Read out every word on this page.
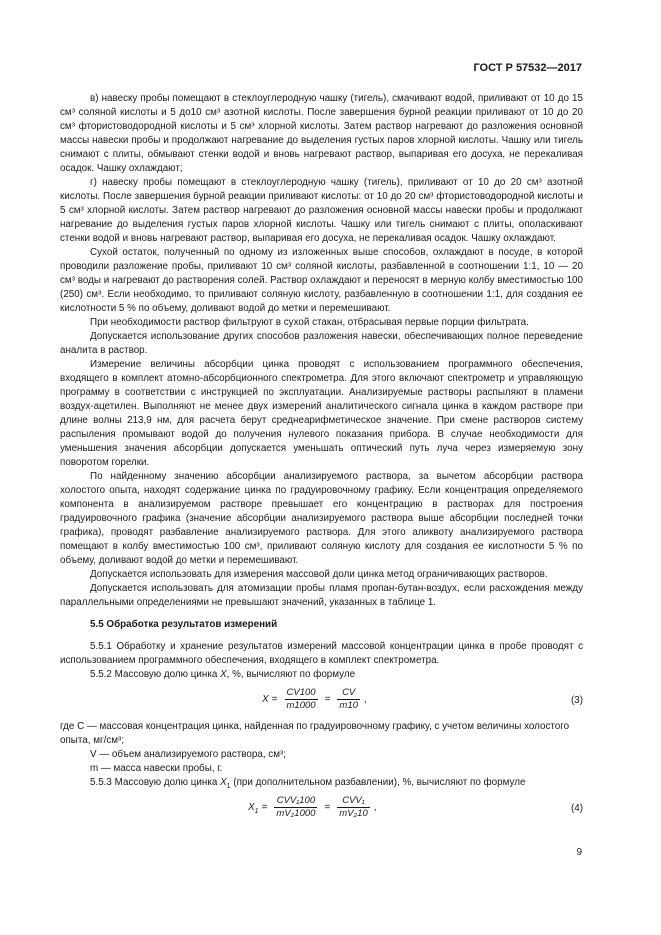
ГОСТ Р 57532—2017

в) навеску пробы помещают в стеклоуглеродную чашку (тигель), смачивают водой, приливают от 10 до 15 см³ соляной кислоты и 5 до10 см³ азотной кислоты. После завершения бурной реакции приливают от 10 до 20 см³ фтористоводородной кислоты и 5 см³ хлорной кислоты. Затем раствор нагревают до разложения основной массы навески пробы и продолжают нагревание до выделения густых паров хлорной кислоты. Чашку или тигель снимают с плиты, обмывают стенки водой и вновь нагревают раствор, выпаривая его досуха, не перекаливая осадок. Чашку охлаждают;

г) навеску пробы помещают в стеклоуглеродную чашку (тигель), приливают от 10 до 20 см³ азотной кислоты. После завершения бурной реакции приливают кислоты: от 10 до 20 см³ фтористоводородной кислоты и 5 см³ хлорной кислоты. Затем раствор нагревают до разложения основной массы навески пробы и продолжают нагревание до выделения густых паров хлорной кислоты. Чашку или тигель снимают с плиты, ополаскивают стенки водой и вновь нагревают раствор, выпаривая его досуха, не перекаливая осадок. Чашку охлаждают.

Сухой остаток, полученный по одному из изложенных выше способов, охлаждают в посуде, в которой проводили разложение пробы, приливают 10 см³ соляной кислоты, разбавленной в соотношении 1:1, 10 — 20 см³ воды и нагревают до растворения солей. Раствор охлаждают и переносят в мерную колбу вместимостью 100 (250) см³. Если необходимо, то приливают соляную кислоту, разбавленную в соотношении 1:1, для создания ее кислотности 5 % по объему, доливают водой до метки и перемешивают.

При необходимости раствор фильтруют в сухой стакан, отбрасывая первые порции фильтрата.

Допускается использование других способов разложения навески, обеспечивающих полное переведение аналита в раствор.

Измерение величины абсорбции цинка проводят с использованием программного обеспечения, входящего в комплект атомно-абсорбционного спектрометра. Для этого включают спектрометр и управляющую программу в соответствии с инструкцией по эксплуатации. Анализируемые растворы распыляют в пламени воздух-ацетилен. Выполняют не менее двух измерений аналитического сигнала цинка в каждом растворе при длине волны 213,9 нм, для расчета берут среднеарифметическое значение. При смене растворов систему распыления промывают водой до получения нулевого показания прибора. В случае необходимости для уменьшения значения абсорбции допускается уменьшать оптический путь луча через измеряемую зону поворотом горелки.

По найденному значению абсорбции анализируемого раствора, за вычетом абсорбции раствора холостого опыта, находят содержание цинка по градуировочному графику. Если концентрация определяемого компонента в анализируемом растворе превышает его концентрацию в растворах для построения градуировочного графика (значение абсорбции анализируемого раствора выше абсорбции последней точки графика), проводят разбавление анализируемого раствора. Для этого аликвоту анализируемого раствора помещают в колбу вместимостью 100 см³, приливают соляную кислоту для создания ее кислотности 5 % по объему, доливают водой до метки и перемешивают.

Допускается использовать для измерения массовой доли цинка метод ограничивающих растворов.

Допускается использовать для атомизации пробы пламя пропан-бутан-воздух, если расхождения между параллельными определениями не превышают значений, указанных в таблице 1.

5.5 Обработка результатов измерений

5.5.1 Обработку и хранение результатов измерений массовой концентрации цинка в пробе проводят с использованием программного обеспечения, входящего в комплект спектрометра.

5.5.2 Массовую долю цинка X, %, вычисляют по формуле

$X = \frac{CV100}{m1000} = \frac{CV}{m10}$ ,	(3)

где C — массовая концентрация цинка, найденная по градуировочному графику, с учетом величины холостого опыта, мг/см³;

V — объем анализируемого раствора, см³;

m — масса навески пробы, г.

5.5.3 Массовую долю цинка $X_1$ (при дополнительном разбавлении), %, вычисляют по формуле

$X_1 = \frac{\text{CVV₁100}}{\text{mV₂1000}} = \frac{\text{CVV₁}}{\text{mV₂10}}$ ,	(4)
9
